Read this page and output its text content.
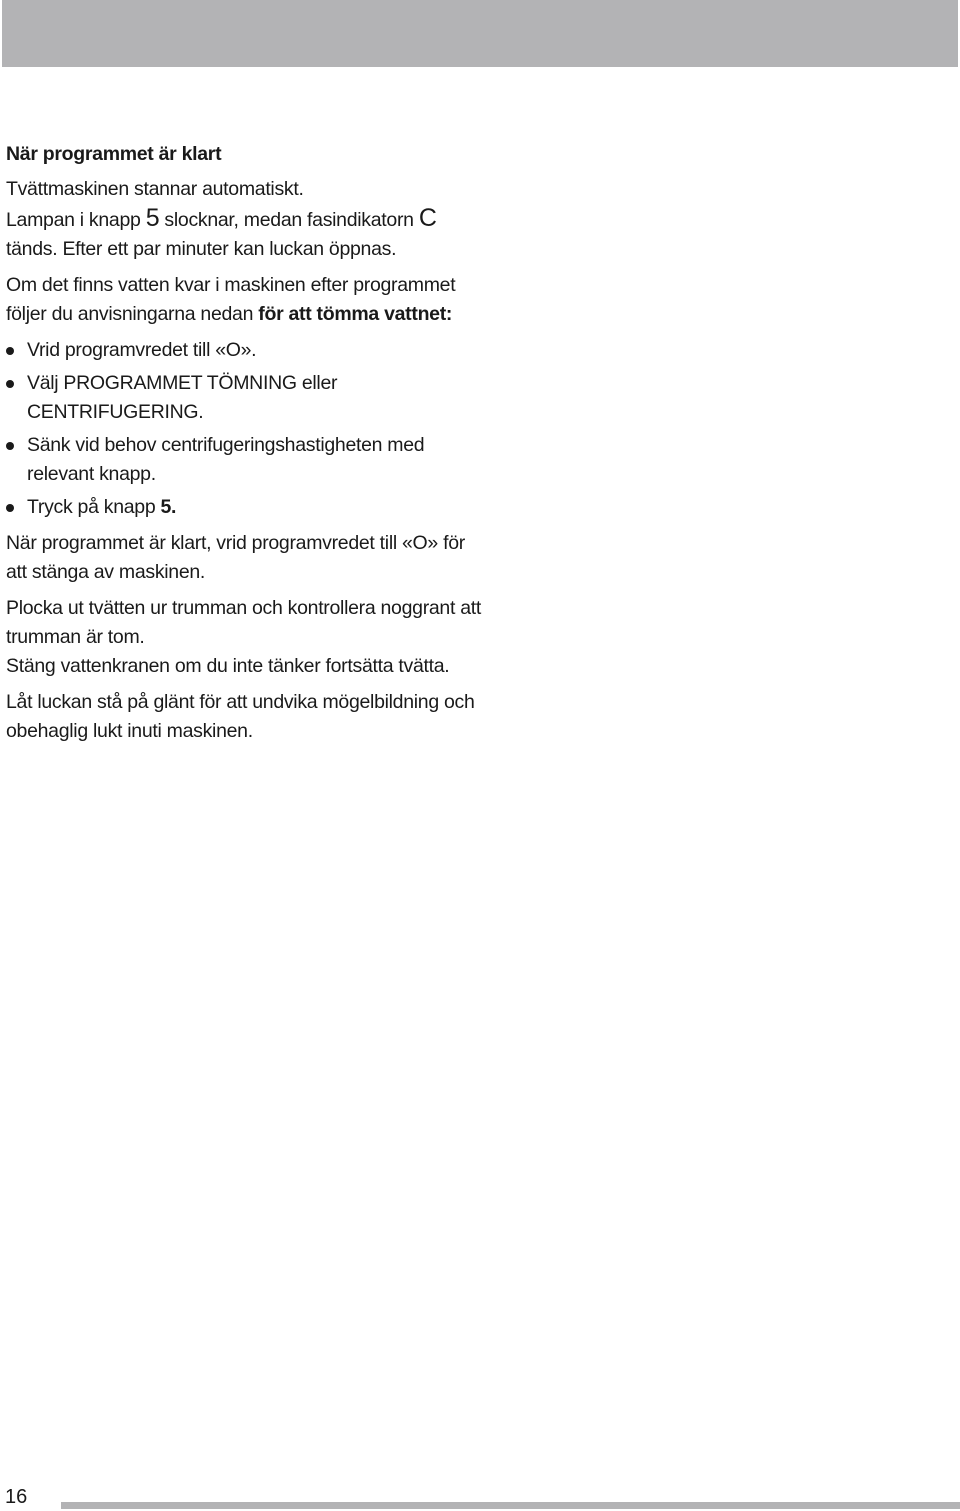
När programmet är klart

Tvättmaskinen stannar automatiskt.
Lampan i knapp 5 slocknar, medan fasindikatorn C
tänds. Efter ett par minuter kan luckan öppnas.

Om det finns vatten kvar i maskinen efter programmet följer du anvisningarna nedan för att tömma vattnet:

Vrid programvredet till «O».
Välj PROGRAMMET TÖMNING eller CENTRIFUGERING.
Sänk vid behov centrifugeringshastigheten med relevant knapp.
Tryck på knapp 5.

När programmet är klart, vrid programvredet till «O» för att stänga av maskinen.

Plocka ut tvätten ur trumman och kontrollera noggrant att trumman är tom.
Stäng vattenkranen om du inte tänker fortsätta tvätta.

Låt luckan stå på glänt för att undvika mögelbildning och obehaglig lukt inuti maskinen.

16
